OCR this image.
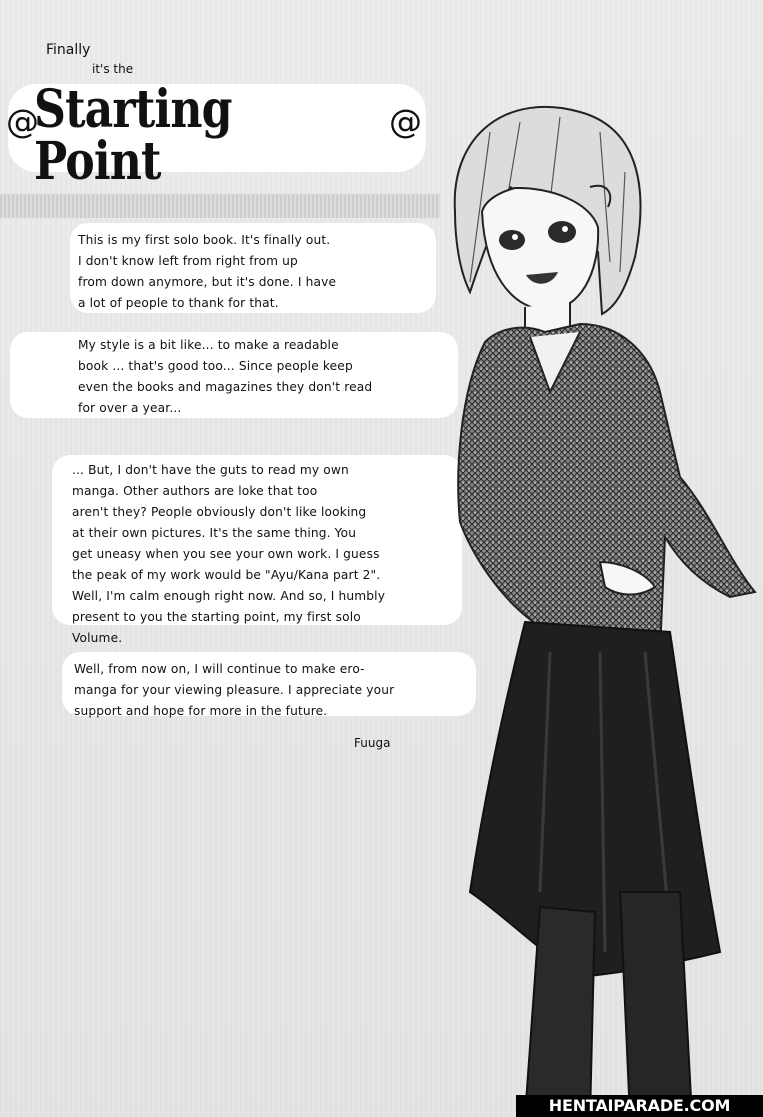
Finally
it's the
@
Starting Point
@
This is my first solo book. It's finally out.
I don't know left from right from up
from down anymore, but it's done. I have
a lot of people to thank for that.
My style is a bit like... to make a readable
book ... that's good too... Since people keep
even the books and magazines they don't read
for over a year...
... But, I don't have the guts to read my own
manga. Other authors are loke that too
aren't they? People obviously don't like looking
at their own pictures. It's the same thing. You
get uneasy when you see your own work. I guess
the peak of my work would be "Ayu/Kana part 2".
Well, I'm calm enough right now. And so, I humbly
present to you the starting point, my first solo
Volume.
Well, from now on, I will continue to make ero-
manga for your viewing pleasure. I appreciate your
support and hope for more in the future.
Fuuga
HENTAIPARADE.COM
